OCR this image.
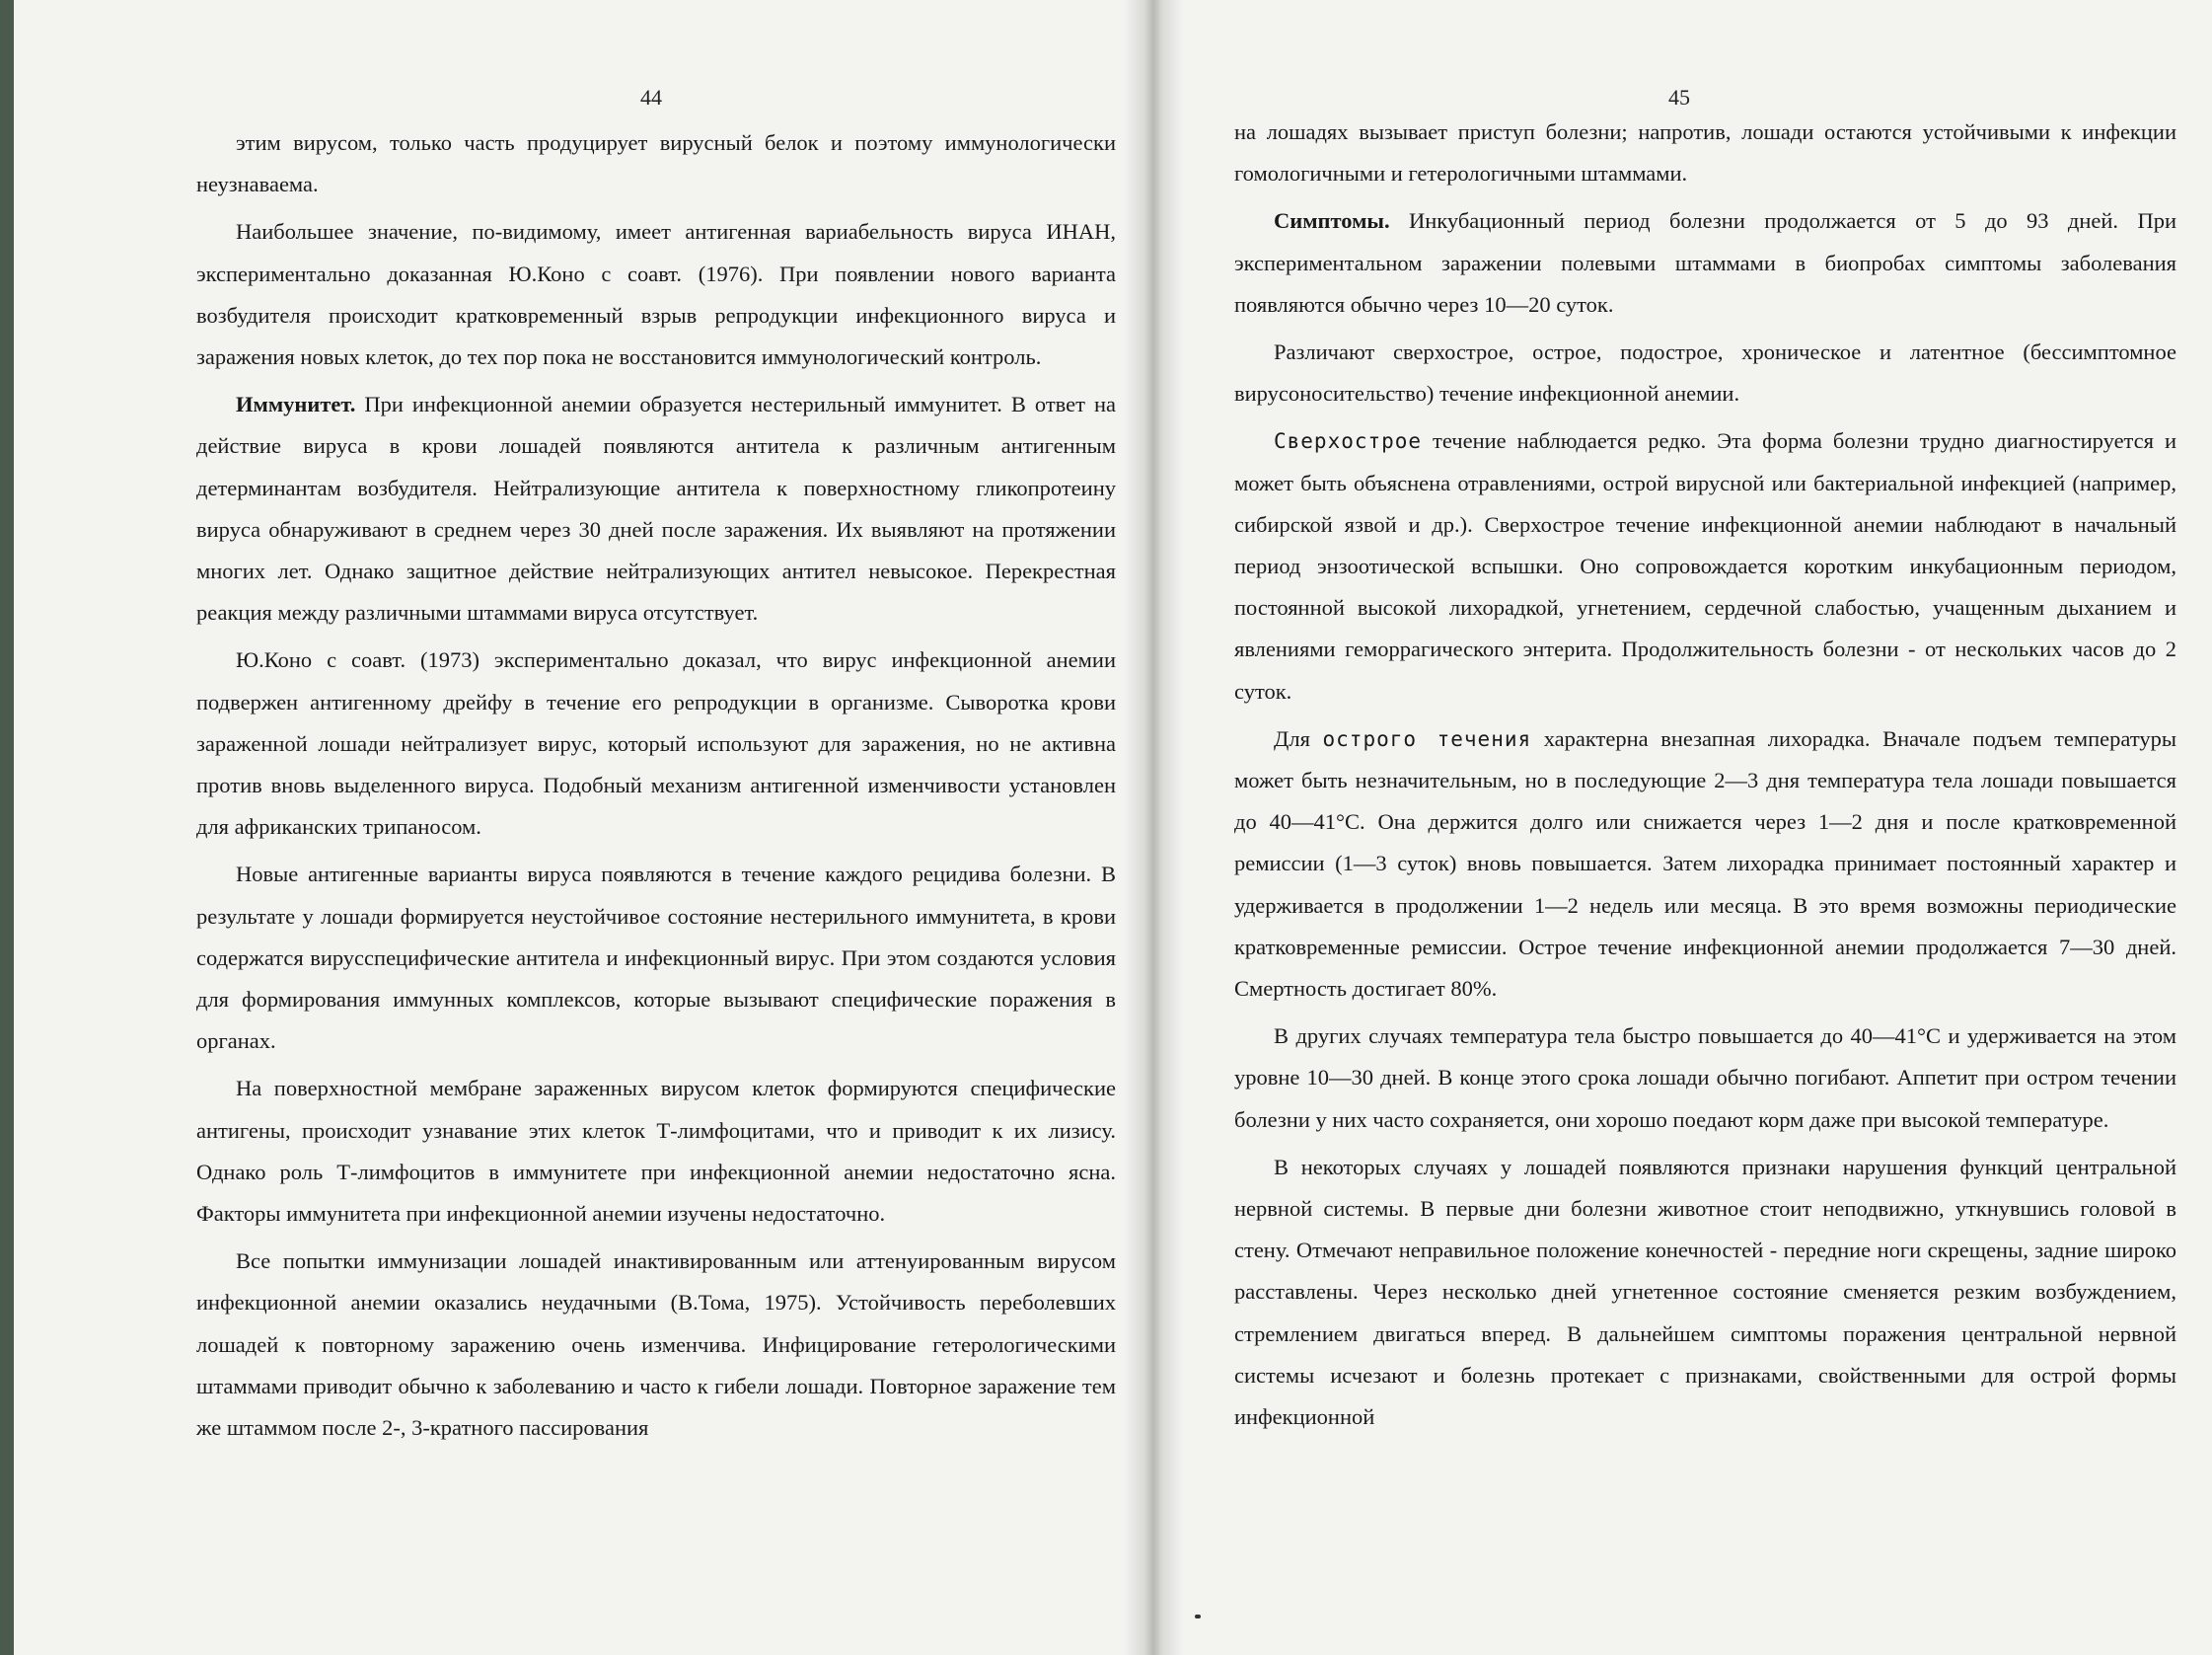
44

этим вирусом, только часть продуцирует вирусный белок и поэтому иммунологически неузнаваема.

Наибольшее значение, по-видимому, имеет антигенная вариабельность вируса ИНАН, экспериментально доказанная Ю.Коно с соавт. (1976). При появлении нового варианта возбудителя происходит кратковременный взрыв репродукции инфекционного вируса и заражения новых клеток, до тех пор пока не восстановится иммунологический контроль.

Иммунитет. При инфекционной анемии образуется нестерильный иммунитет. В ответ на действие вируса в крови лошадей появляются антитела к различным антигенным детерминантам возбудителя. Нейтрализующие антитела к поверхностному гликопротеину вируса обнаруживают в среднем через 30 дней после заражения. Их выявляют на протяжении многих лет. Однако защитное действие нейтрализующих антител невысокое. Перекрестная реакция между различными штаммами вируса отсутствует.

Ю.Коно с соавт. (1973) экспериментально доказал, что вирус инфекционной анемии подвержен антигенному дрейфу в течение его репродукции в организме. Сыворотка крови зараженной лошади нейтрализует вирус, который используют для заражения, но не активна против вновь выделенного вируса. Подобный механизм антигенной изменчивости установлен для африканских трипаносом.

Новые антигенные варианты вируса появляются в течение каждого рецидива болезни. В результате у лошади формируется неустойчивое состояние нестерильного иммунитета, в крови содержатся вирусспецифические антитела и инфекционный вирус. При этом создаются условия для формирования иммунных комплексов, которые вызывают специфические поражения в органах.

На поверхностной мембране зараженных вирусом клеток формируются специфические антигены, происходит узнавание этих клеток Т-лимфоцитами, что и приводит к их лизису. Однако роль Т-лимфоцитов в иммунитете при инфекционной анемии недостаточно ясна. Факторы иммунитета при инфекционной анемии изучены недостаточно.

Все попытки иммунизации лошадей инактивированным или аттенуированным вирусом инфекционной анемии оказались неудачными (В.Тома, 1975). Устойчивость переболевших лошадей к повторному заражению очень изменчива. Инфицирование гетерологическими штаммами приводит обычно к заболеванию и часто к гибели лошади. Повторное заражение тем же штаммом после 2-, 3-кратного пассирования

45

на лошадях вызывает приступ болезни; напротив, лошади остаются устойчивыми к инфекции гомологичными и гетерологичными штаммами.

Симптомы. Инкубационный период болезни продолжается от 5 до 93 дней. При экспериментальном заражении полевыми штаммами в биопробах симптомы заболевания появляются обычно через 10—20 суток.

Различают сверхострое, острое, подострое, хроническое и латентное (бессимптомное вирусоносительство) течение инфекционной анемии.

Сверхострое течение наблюдается редко. Эта форма болезни трудно диагностируется и может быть объяснена отравлениями, острой вирусной или бактериальной инфекцией (например, сибирской язвой и др.). Сверхострое течение инфекционной анемии наблюдают в начальный период энзоотической вспышки. Оно сопровождается коротким инкубационным периодом, постоянной высокой лихорадкой, угнетением, сердечной слабостью, учащенным дыханием и явлениями геморрагического энтерита. Продолжительность болезни - от нескольких часов до 2 суток.

Для острого течения характерна внезапная лихорадка. Вначале подъем температуры может быть незначительным, но в последующие 2—3 дня температура тела лошади повышается до 40—41°С. Она держится долго или снижается через 1—2 дня и после кратковременной ремиссии (1—3 суток) вновь повышается. Затем лихорадка принимает постоянный характер и удерживается в продолжении 1—2 недель или месяца. В это время возможны периодические кратковременные ремиссии. Острое течение инфекционной анемии продолжается 7—30 дней. Смертность достигает 80%.

В других случаях температура тела быстро повышается до 40—41°С и удерживается на этом уровне 10—30 дней. В конце этого срока лошади обычно погибают. Аппетит при остром течении болезни у них часто сохраняется, они хорошо поедают корм даже при высокой температуре.

В некоторых случаях у лошадей появляются признаки нарушения функций центральной нервной системы. В первые дни болезни животное стоит неподвижно, уткнувшись головой в стену. Отмечают неправильное положение конечностей - передние ноги скрещены, задние широко расставлены. Через несколько дней угнетенное состояние сменяется резким возбуждением, стремлением двигаться вперед. В дальнейшем симптомы поражения центральной нервной системы исчезают и болезнь протекает с признаками, свойственными для острой формы инфекционной
